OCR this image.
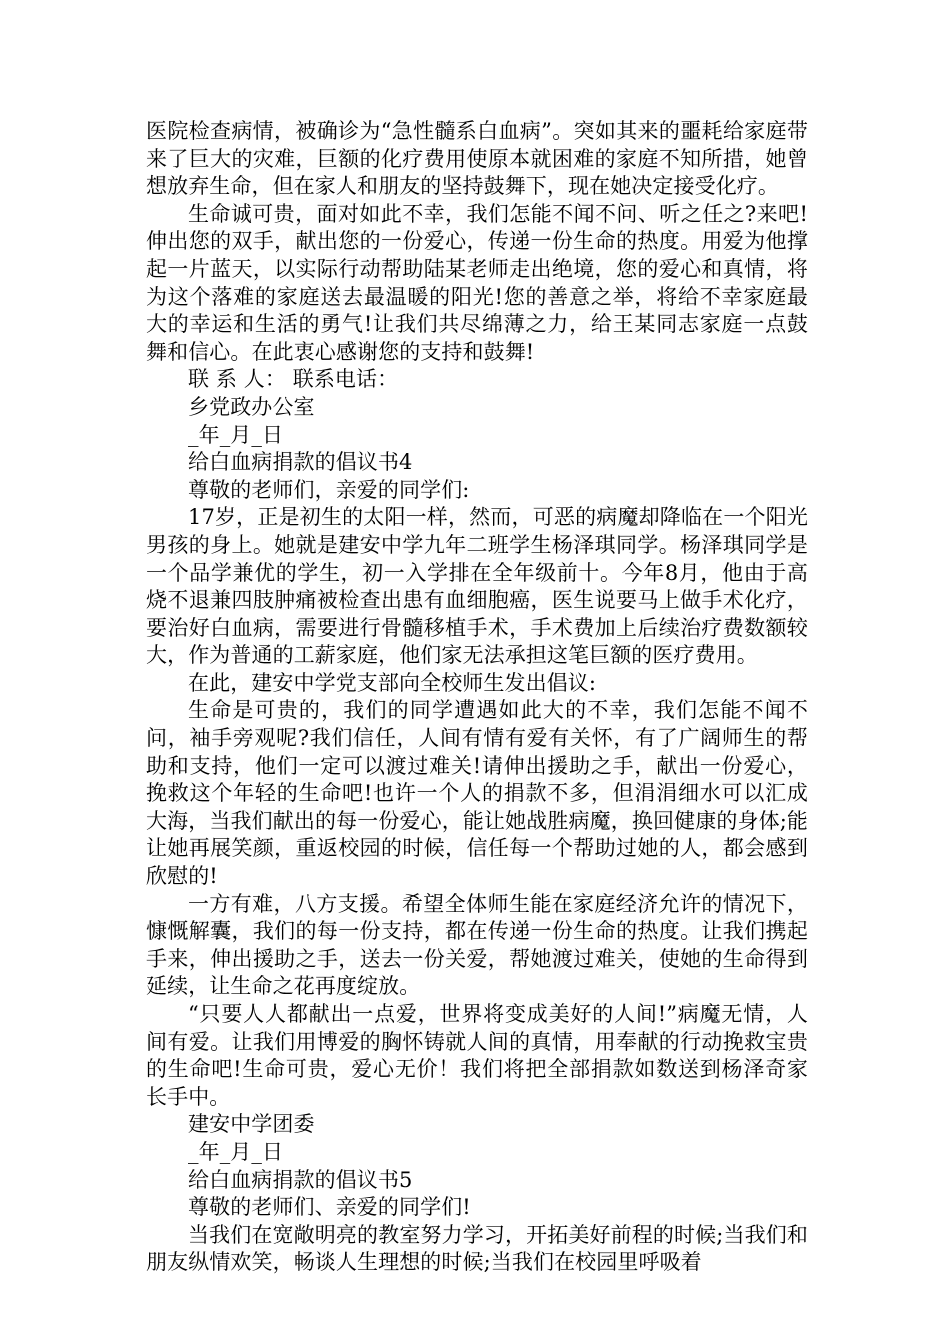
医院检查病情，被确诊为“急性髓系白血病”。突如其来的噩耗给家庭带来了巨大的灾难，巨额的化疗费用使原本就困难的家庭不知所措，她曾想放弃生命，但在家人和朋友的坚持鼓舞下，现在她决定接受化疗。

生命诚可贵，面对如此不幸，我们怎能不闻不问、听之任之?来吧!伸出您的双手，献出您的一份爱心，传递一份生命的热度。用爱为他撑起一片蓝天，以实际行动帮助陆某老师走出绝境，您的爱心和真情，将为这个落难的家庭送去最温暖的阳光!您的善意之举，将给不幸家庭最大的幸运和生活的勇气!让我们共尽绵薄之力，给王某同志家庭一点鼓舞和信心。在此衷心感谢您的支持和鼓舞!

联 系 人： 联系电话：

乡党政办公室

_年_月_日

给白血病捐款的倡议书4

尊敬的老师们，亲爱的同学们:

17岁，正是初生的太阳一样，然而，可恶的病魔却降临在一个阳光男孩的身上。她就是建安中学九年二班学生杨泽琪同学。杨泽琪同学是一个品学兼优的学生，初一入学排在全年级前十。今年8月，他由于高烧不退兼四肢肿痛被检查出患有血细胞癌，医生说要马上做手术化疗，要治好白血病，需要进行骨髓移植手术，手术费加上后续治疗费数额较大，作为普通的工薪家庭，他们家无法承担这笔巨额的医疗费用。

在此，建安中学党支部向全校师生发出倡议:

生命是可贵的，我们的同学遭遇如此大的不幸，我们怎能不闻不问，袖手旁观呢?我们信任，人间有情有爱有关怀，有了广阔师生的帮助和支持，他们一定可以渡过难关!请伸出援助之手，献出一份爱心，挽救这个年轻的生命吧!也许一个人的捐款不多，但涓涓细水可以汇成大海，当我们献出的每一份爱心，能让她战胜病魔，换回健康的身体;能让她再展笑颜，重返校园的时候，信任每一个帮助过她的人，都会感到欣慰的!

一方有难，八方支援。希望全体师生能在家庭经济允许的情况下，慷慨解囊，我们的每一份支持，都在传递一份生命的热度。让我们携起手来，伸出援助之手，送去一份关爱，帮她渡过难关，使她的生命得到延续，让生命之花再度绽放。

“只要人人都献出一点爱，世界将变成美好的人间!”病魔无情，人间有爱。让我们用博爱的胸怀铸就人间的真情，用奉献的行动挽救宝贵的生命吧!生命可贵，爱心无价！我们将把全部捐款如数送到杨泽奇家长手中。

建安中学团委

_年_月_日

给白血病捐款的倡议书5

尊敬的老师们、亲爱的同学们!

当我们在宽敞明亮的教室努力学习，开拓美好前程的时候;当我们和朋友纵情欢笑，畅谈人生理想的时候;当我们在校园里呼吸着
